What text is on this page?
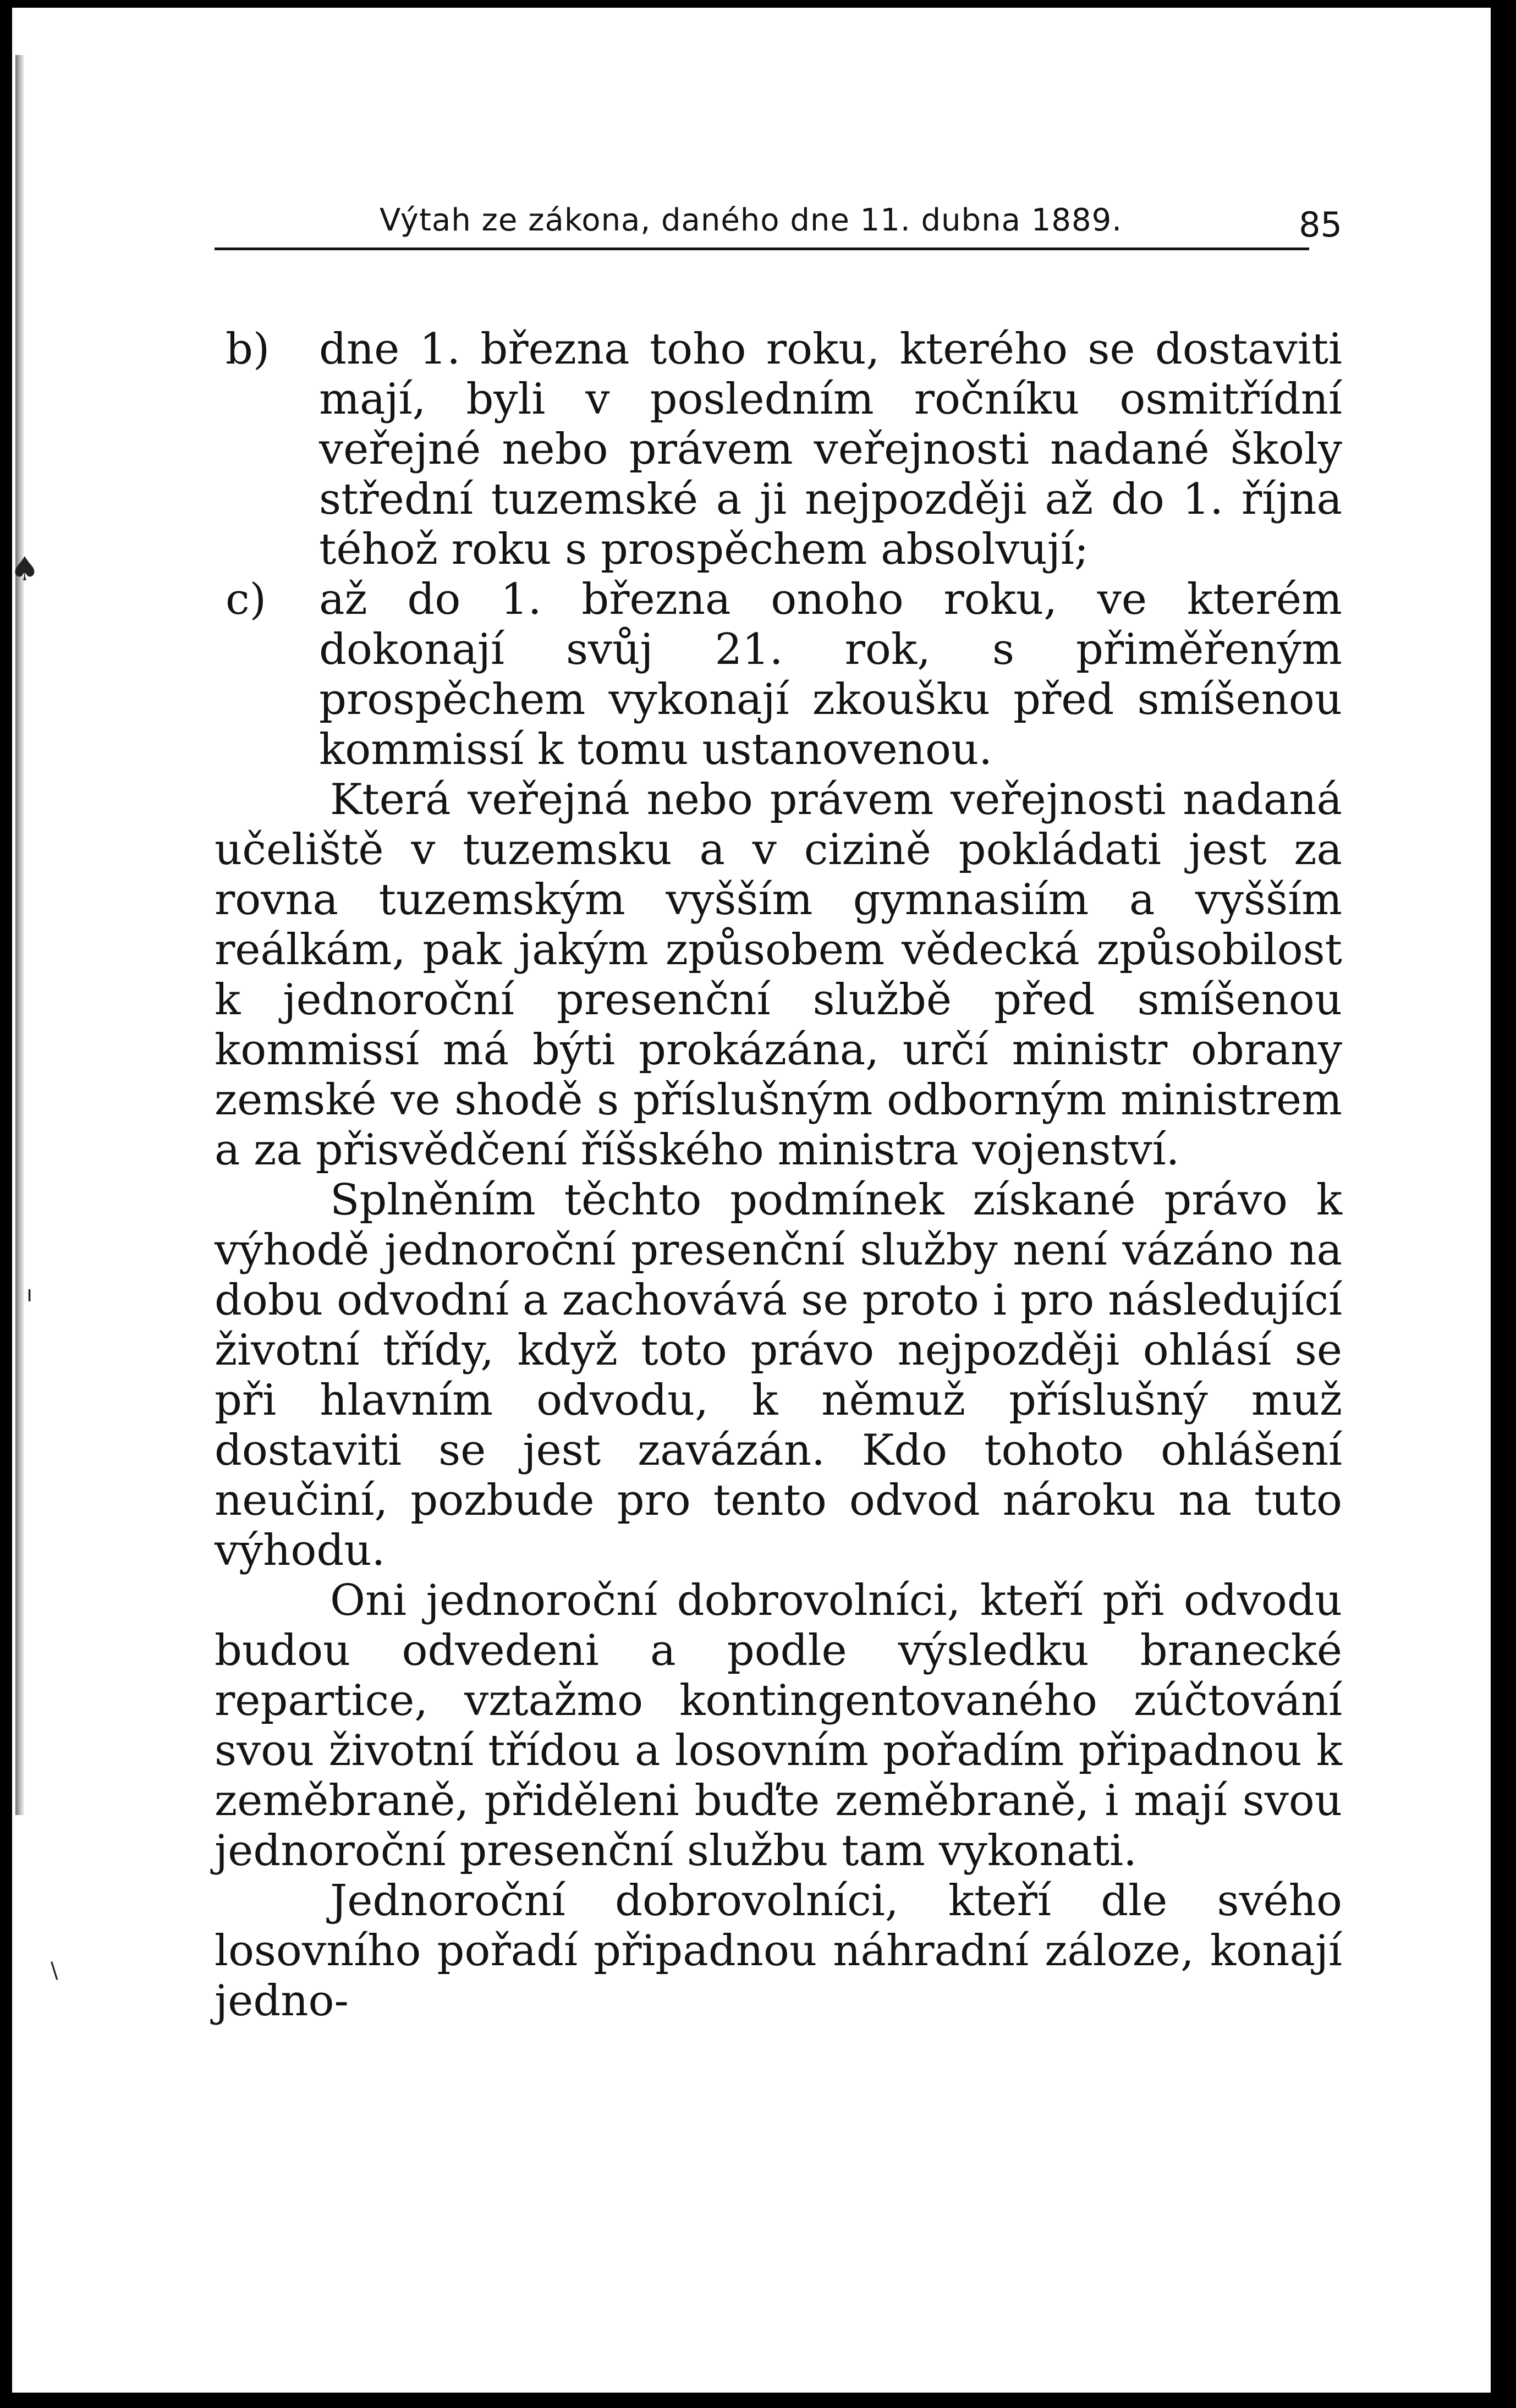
♠
ı
\
Výtah ze zákona, daného dne 11. dubna 1889.	85
b)	dne 1. března toho roku, kterého se dostaviti mají, byli v posledním ročníku osmitřídní veřejné nebo právem veřejnosti nadané školy střední tuzemské a ji nejpozději až do 1. října téhož roku s prospěchem absolvují;

c)	až do 1. března onoho roku, ve kterém dokonají svůj 21. rok, s přiměřeným prospěchem vykonají zkoušku před smíšenou kommissí k tomu ustanovenou.

Která veřejná nebo právem veřejnosti nadaná učeliště v tuzemsku a v cizině pokládati jest za rovna tuzemským vyšším gymnasiím a vyšším reálkám, pak jakým způsobem vědecká způsobilost k jednoroční presenční službě před smíšenou kommissí má býti prokázána, určí ministr obrany zemské ve shodě s příslušným odborným ministrem a za přisvědčení říšského ministra vojenství.

Splněním těchto podmínek získané právo k výhodě jednoroční presenční služby není vázáno na dobu odvodní a zachovává se proto i pro následující životní třídy, když toto právo nejpozději ohlásí se při hlavním odvodu, k němuž příslušný muž dostaviti se jest zavázán. Kdo tohoto ohlášení neučiní, pozbude pro tento odvod nároku na tuto výhodu.

Oni jednoroční dobrovolníci, kteří při odvodu budou odvedeni a podle výsledku branecké repartice, vztažmo kontingentovaného zúčtování svou životní třídou a losovním pořadím připadnou k zeměbraně, přiděleni buďte zeměbraně, i mají svou jednoroční presenční službu tam vykonati.

Jednoroční dobrovolníci, kteří dle svého losovního pořadí připadnou náhradní záloze, konají jedno-
